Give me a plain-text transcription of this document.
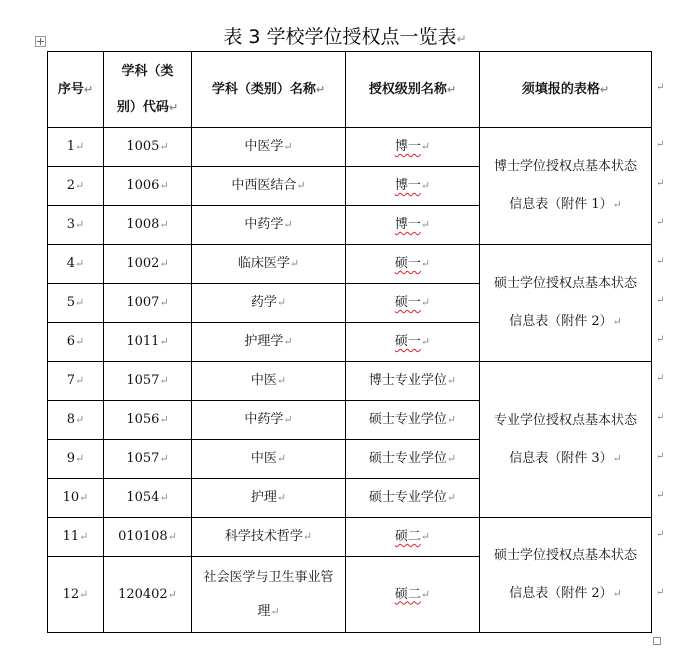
表 3 学校学位授权点一览表↵
序号↵	学科（类别）代码↵	学科（类别）名称↵	授权级别名称↵	须填报的表格↵
1↵	1005↵	中医学↵	博一↵	博士学位授权点基本状态信息表（附件 1）↵
2↵	1006↵	中西医结合↵	博一↵	
3↵	1008↵	中药学↵	博一↵	
4↵	1002↵	临床医学↵	硕一↵	硕士学位授权点基本状态信息表（附件 2）↵
5↵	1007↵	药学↵	硕一↵	
6↵	1011↵	护理学↵	硕一↵	
7↵	1057↵	中医↵	博士专业学位↵	专业学位授权点基本状态信息表（附件 3）↵
8↵	1056↵	中药学↵	硕士专业学位↵	
9↵	1057↵	中医↵	硕士专业学位↵	
10↵	1054↵	护理↵	硕士专业学位↵	
11↵	010108↵	科学技术哲学↵	硕二↵	硕士学位授权点基本状态信息表（附件 2）↵
12↵	120402↵	社会医学与卫生事业管理↵	硕二↵	
↵
↵
↵
↵
↵
↵
↵
↵
↵
↵
↵
↵
↵
